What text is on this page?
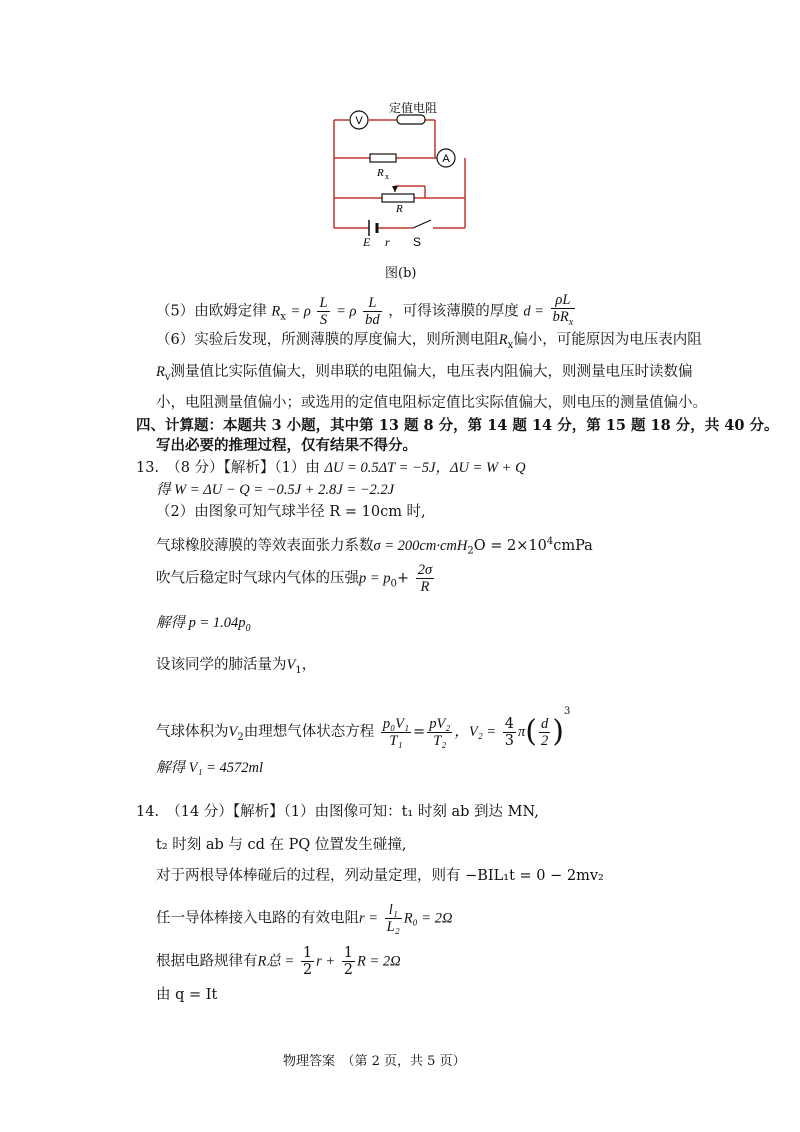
V
A
定值电阻
R x
R
E r S
图(b)
（5）由欧姆定律 $R_x = \rho \frac{L}{S} = \rho \frac{L}{bd}$ ，可得该薄膜的厚度 $d = \frac{\rho L}{bR_x}$
（6）实验后发现，所测薄膜的厚度偏大，则所测电阻$R_x$偏小，可能原因为电压表内阻
$R_v$测量值比实际值偏大，则串联的电阻偏大，电压表内阻偏大，则测量电压时读数偏
小，电阻测量值偏小；或选用的定值电阻标定值比实际值偏大，则电压的测量值偏小。
四、计算题：本题共 3 小题，其中第 13 题 8 分，第 14 题 14 分，第 15 题 18 分，共 40 分。
写出必要的推理过程，仅有结果不得分。
13.　（8 分）【解析】（1）由 ΔU = 0.5ΔT = −5J，ΔU = W + Q
得 W = ΔU − Q = −0.5J + 2.8J = −2.2J
（2）由图象可知气球半径 R = 10cm 时,
气球橡胶薄膜的等效表面张力系数$\sigma = 200cm\cdot cmH_2O = 2\times 10^4cmPa$
吹气后稳定时气球内气体的压强$p = p_0+ \frac{2\sigma}{R}$
解得 $p = 1.04p_0$
设该同学的肺活量为$V_1$，
气球体积为$V_2$由理想气体状态方程 $\frac{\text{p₀V₁}}{\text{T₁}} = \frac{\text{pV₂}}{\text{T₂}}$ ，$V_2 = \frac{4}{3} \pi( \frac{d}{2} )^3$
解得 V₁ = 4572ml
14.　（14 分）【解析】（1）由图像可知：t₁ 时刻 ab 到达 MN,
t₂ 时刻 ab 与 cd 在 PQ 位置发生碰撞,
对于两根导体棒碰后的过程，列动量定理，则有 −BIL₁t = 0 − 2mv₂
任一导体棒接入电路的有效电阻$r = \frac{\text{l₁}}{\text{L₂}} R_0 = 2\Omega$
根据电路规律有R总 = $\frac{1}{2}$ $r + \frac{1}{2}$ R = 2Ω
由 q = It
物理答案　（第 2 页，共 5 页）
